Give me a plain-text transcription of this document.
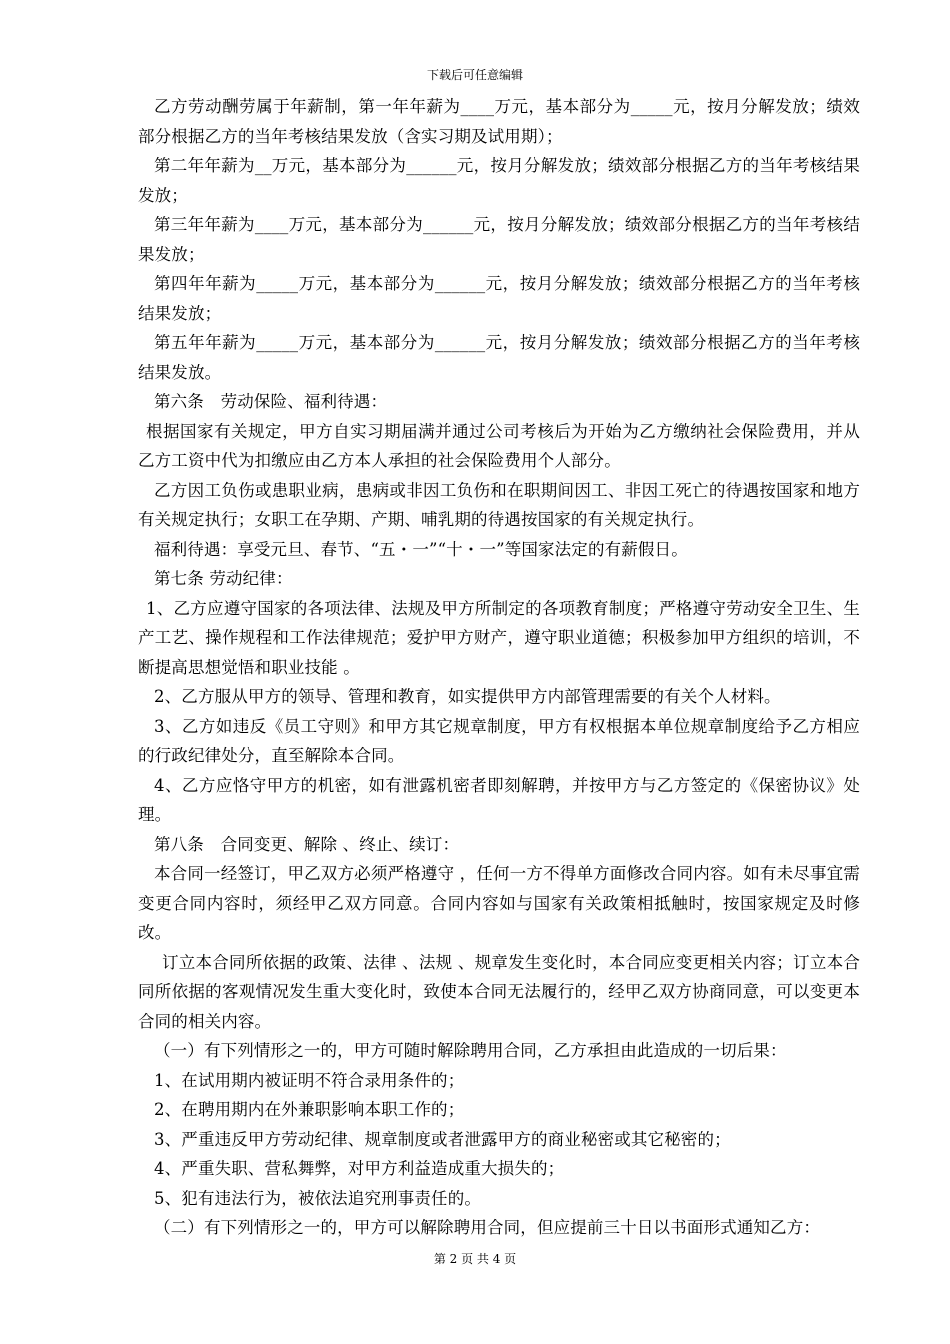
下载后可任意编辑

乙方劳动酬劳属于年薪制，第一年年薪为____万元，基本部分为_____元，按月分解发放；绩效部分根据乙方的当年考核结果发放（含实习期及试用期）；

第二年年薪为__万元，基本部分为______元，按月分解发放；绩效部分根据乙方的当年考核结果发放；

第三年年薪为____万元，基本部分为______元，按月分解发放；绩效部分根据乙方的当年考核结果发放；

第四年年薪为_____万元，基本部分为______元，按月分解发放；绩效部分根据乙方的当年考核结果发放；

第五年年薪为_____万元，基本部分为______元，按月分解发放；绩效部分根据乙方的当年考核结果发放。

第六条　劳动保险、福利待遇：

根据国家有关规定，甲方自实习期届满并通过公司考核后为开始为乙方缴纳社会保险费用，并从乙方工资中代为扣缴应由乙方本人承担的社会保险费用个人部分。

乙方因工负伤或患职业病，患病或非因工负伤和在职期间因工、非因工死亡的待遇按国家和地方有关规定执行；女职工在孕期、产期、哺乳期的待遇按国家的有关规定执行。

福利待遇：享受元旦、春节、“五・一”“十・一”等国家法定的有薪假日。

第七条 劳动纪律：

1、乙方应遵守国家的各项法律、法规及甲方所制定的各项教育制度；严格遵守劳动安全卫生、生产工艺、操作规程和工作法律规范；爱护甲方财产，遵守职业道德；积极参加甲方组织的培训，不断提高思想觉悟和职业技能 。

2、乙方服从甲方的领导、管理和教育，如实提供甲方内部管理需要的有关个人材料。

3、乙方如违反《员工守则》和甲方其它规章制度，甲方有权根据本单位规章制度给予乙方相应的行政纪律处分，直至解除本合同。

4、乙方应恪守甲方的机密，如有泄露机密者即刻解聘，并按甲方与乙方签定的《保密协议》处理。

第八条　合同变更、解除 、终止、续订：

本合同一经签订，甲乙双方必须严格遵守 ，任何一方不得单方面修改合同内容。如有未尽事宜需变更合同内容时，须经甲乙双方同意。合同内容如与国家有关政策相抵触时，按国家规定及时修改。

订立本合同所依据的政策、法律 、法规 、规章发生变化时，本合同应变更相关内容；订立本合同所依据的客观情况发生重大变化时，致使本合同无法履行的，经甲乙双方协商同意，可以变更本合同的相关内容。

（一）有下列情形之一的，甲方可随时解除聘用合同，乙方承担由此造成的一切后果：

1、在试用期内被证明不符合录用条件的；

2、在聘用期内在外兼职影响本职工作的；

3、严重违反甲方劳动纪律、规章制度或者泄露甲方的商业秘密或其它秘密的；

4、严重失职、营私舞弊，对甲方利益造成重大损失的；

5、犯有违法行为，被依法追究刑事责任的。

（二）有下列情形之一的，甲方可以解除聘用合同，但应提前三十日以书面形式通知乙方：

第 2 页 共 4 页
